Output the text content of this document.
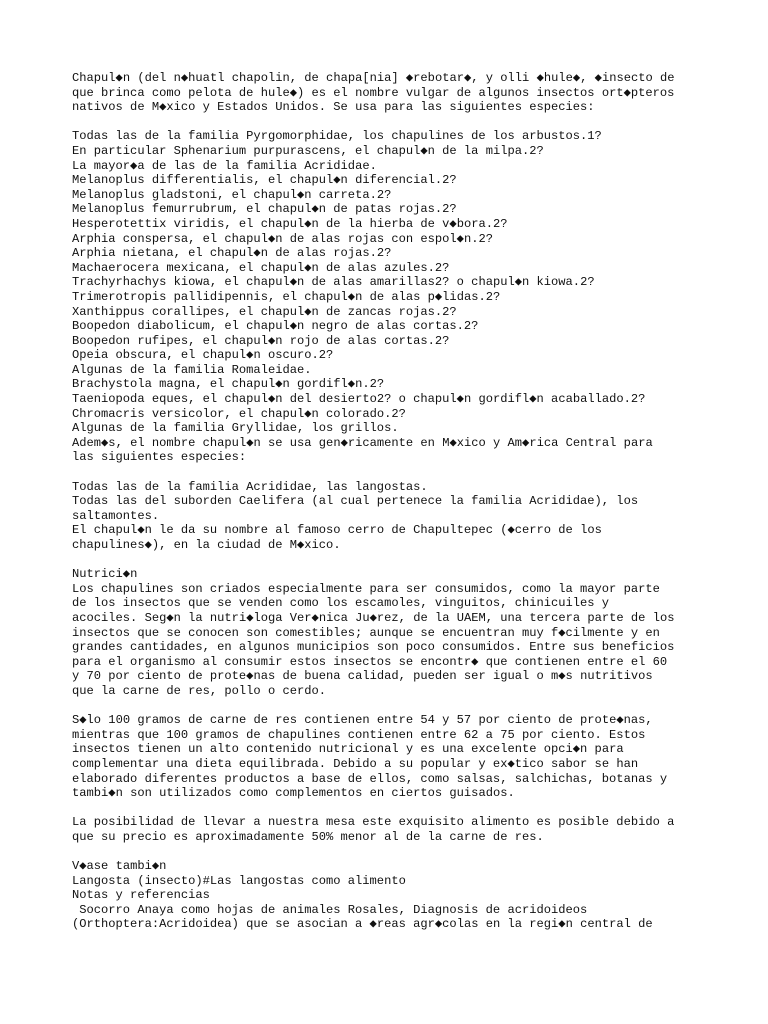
Chapul◆n (del n◆huatl chapolin, de chapa[nia] ◆rebotar◆, y olli ◆hule◆, ◆insecto de
que brinca como pelota de hule◆) es el nombre vulgar de algunos insectos ort◆pteros
nativos de M◆xico y Estados Unidos. Se usa para las siguientes especies:
Todas las de la familia Pyrgomorphidae, los chapulines de los arbustos.1?
En particular Sphenarium purpurascens, el chapul◆n de la milpa.2?
La mayor◆a de las de la familia Acrididae.
Melanoplus differentialis, el chapul◆n diferencial.2?
Melanoplus gladstoni, el chapul◆n carreta.2?
Melanoplus femurrubrum, el chapul◆n de patas rojas.2?
Hesperotettix viridis, el chapul◆n de la hierba de v◆bora.2?
Arphia conspersa, el chapul◆n de alas rojas con espol◆n.2?
Arphia nietana, el chapul◆n de alas rojas.2?
Machaerocera mexicana, el chapul◆n de alas azules.2?
Trachyrhachys kiowa, el chapul◆n de alas amarillas2? o chapul◆n kiowa.2?
Trimerotropis pallidipennis, el chapul◆n de alas p◆lidas.2?
Xanthippus corallipes, el chapul◆n de zancas rojas.2?
Boopedon diabolicum, el chapul◆n negro de alas cortas.2?
Boopedon rufipes, el chapul◆n rojo de alas cortas.2?
Opeia obscura, el chapul◆n oscuro.2?
Algunas de la familia Romaleidae.
Brachystola magna, el chapul◆n gordifl◆n.2?
Taeniopoda eques, el chapul◆n del desierto2? o chapul◆n gordifl◆n acaballado.2?
Chromacris versicolor, el chapul◆n colorado.2?
Algunas de la familia Gryllidae, los grillos.
Adem◆s, el nombre chapul◆n se usa gen◆ricamente en M◆xico y Am◆rica Central para
las siguientes especies:
Todas las de la familia Acrididae, las langostas.
Todas las del suborden Caelifera (al cual pertenece la familia Acrididae), los
saltamontes.
El chapul◆n le da su nombre al famoso cerro de Chapultepec (◆cerro de los
chapulines◆), en la ciudad de M◆xico.
Nutrici◆n
Los chapulines son criados especialmente para ser consumidos, como la mayor parte
de los insectos que se venden como los escamoles, vinguitos, chinicuiles y
acociles. Seg◆n la nutri◆loga Ver◆nica Ju◆rez, de la UAEM, una tercera parte de los
insectos que se conocen son comestibles; aunque se encuentran muy f◆cilmente y en
grandes cantidades, en algunos municipios son poco consumidos. Entre sus beneficios
para el organismo al consumir estos insectos se encontr◆ que contienen entre el 60
y 70 por ciento de prote◆nas de buena calidad, pueden ser igual o m◆s nutritivos
que la carne de res, pollo o cerdo.
S◆lo 100 gramos de carne de res contienen entre 54 y 57 por ciento de prote◆nas,
mientras que 100 gramos de chapulines contienen entre 62 a 75 por ciento. Estos
insectos tienen un alto contenido nutricional y es una excelente opci◆n para
complementar una dieta equilibrada. Debido a su popular y ex◆tico sabor se han
elaborado diferentes productos a base de ellos, como salsas, salchichas, botanas y
tambi◆n son utilizados como complementos en ciertos guisados.
La posibilidad de llevar a nuestra mesa este exquisito alimento es posible debido a
que su precio es aproximadamente 50% menor al de la carne de res.
V◆ase tambi◆n
Langosta (insecto)#Las langostas como alimento
Notas y referencias
Socorro Anaya como hojas de animales Rosales, Diagnosis de acridoideos
(Orthoptera:Acridoidea) que se asocian a ◆reas agr◆colas en la regi◆n central de
